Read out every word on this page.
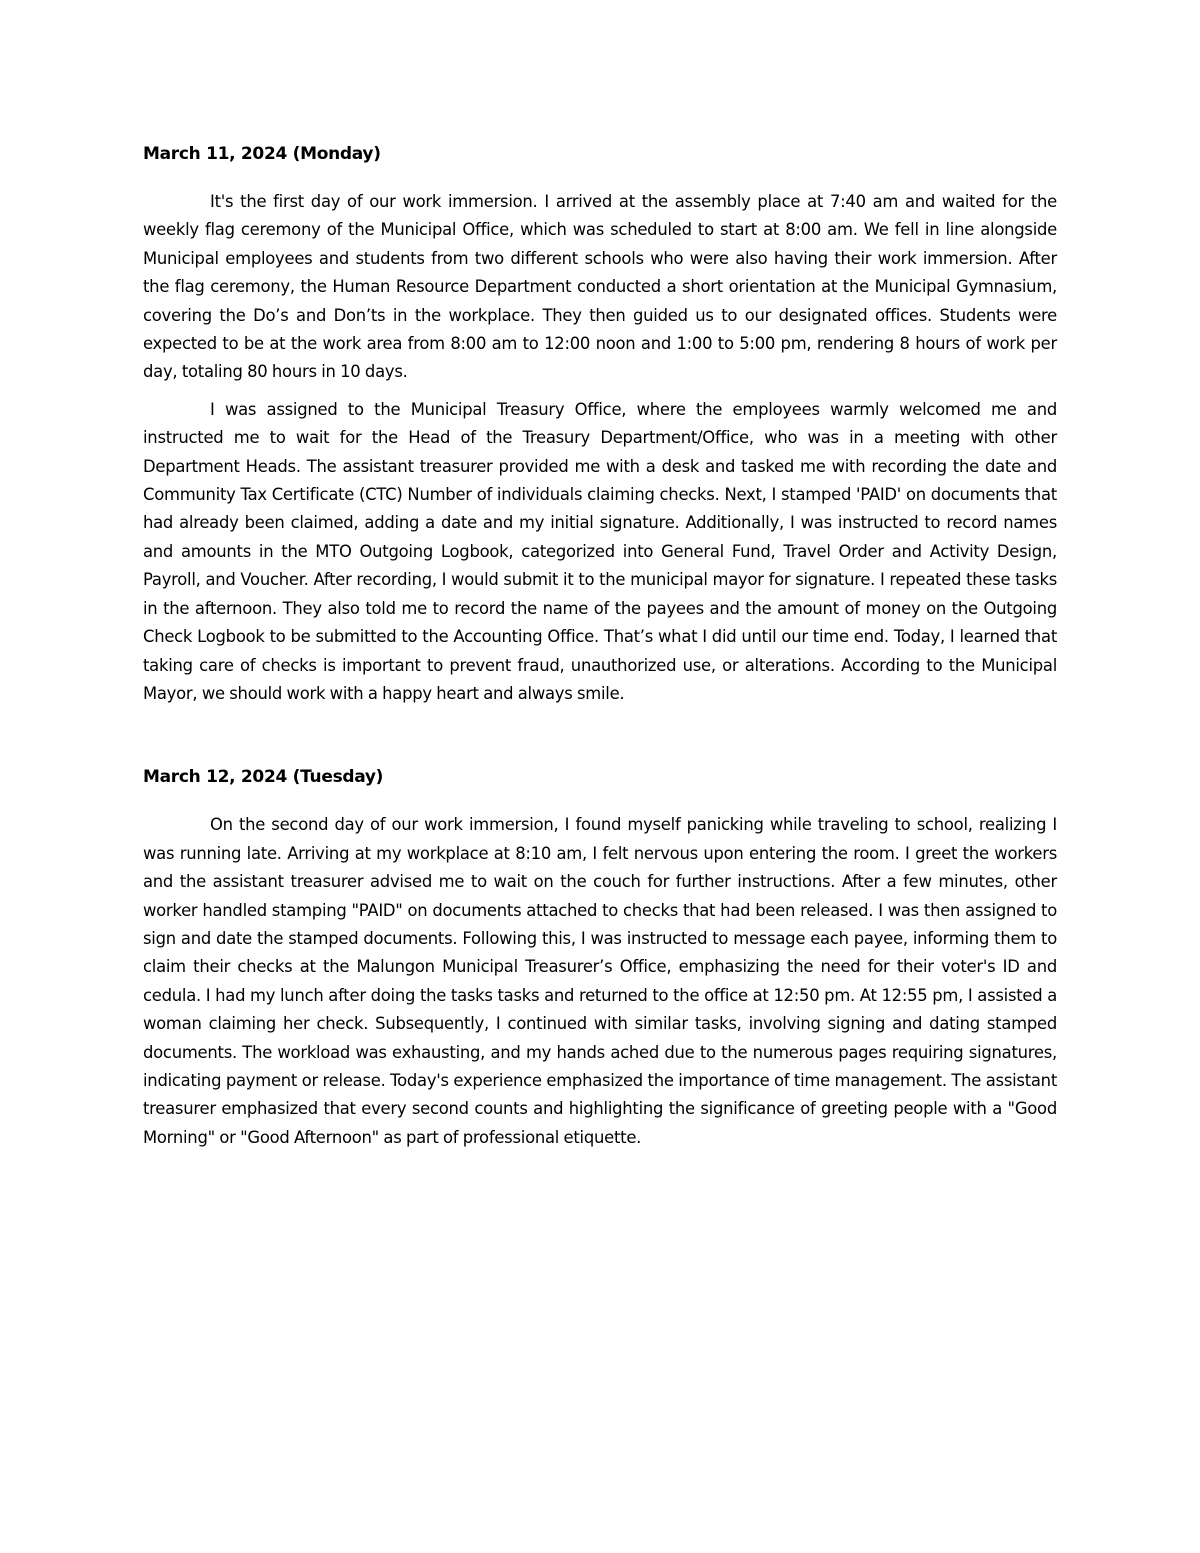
March 11, 2024 (Monday)

It's the first day of our work immersion. I arrived at the assembly place at 7:40 am and waited for the weekly flag ceremony of the Municipal Office, which was scheduled to start at 8:00 am. We fell in line alongside Municipal employees and students from two different schools who were also having their work immersion. After the flag ceremony, the Human Resource Department conducted a short orientation at the Municipal Gymnasium, covering the Do’s and Don’ts in the workplace. They then guided us to our designated offices. Students were expected to be at the work area from 8:00 am to 12:00 noon and 1:00 to 5:00 pm, rendering 8 hours of work per day, totaling 80 hours in 10 days.

I was assigned to the Municipal Treasury Office, where the employees warmly welcomed me and instructed me to wait for the Head of the Treasury Department/Office, who was in a meeting with other Department Heads. The assistant treasurer provided me with a desk and tasked me with recording the date and Community Tax Certificate (CTC) Number of individuals claiming checks. Next, I stamped 'PAID' on documents that had already been claimed, adding a date and my initial signature. Additionally, I was instructed to record names and amounts in the MTO Outgoing Logbook, categorized into General Fund, Travel Order and Activity Design, Payroll, and Voucher. After recording, I would submit it to the municipal mayor for signature. I repeated these tasks in the afternoon. They also told me to record the name of the payees and the amount of money on the Outgoing Check Logbook to be submitted to the Accounting Office. That’s what I did until our time end. Today, I learned that taking care of checks is important to prevent fraud, unauthorized use, or alterations. According to the Municipal Mayor, we should work with a happy heart and always smile.

March 12, 2024 (Tuesday)

On the second day of our work immersion, I found myself panicking while traveling to school, realizing I was running late. Arriving at my workplace at 8:10 am, I felt nervous upon entering the room. I greet the workers and the assistant treasurer advised me to wait on the couch for further instructions. After a few minutes, other worker handled stamping "PAID" on documents attached to checks that had been released. I was then assigned to sign and date the stamped documents. Following this, I was instructed to message each payee, informing them to claim their checks at the Malungon Municipal Treasurer’s Office, emphasizing the need for their voter's ID and cedula. I had my lunch after doing the tasks tasks and returned to the office at 12:50 pm. At 12:55 pm, I assisted a woman claiming her check. Subsequently, I continued with similar tasks, involving signing and dating stamped documents. The workload was exhausting, and my hands ached due to the numerous pages requiring signatures, indicating payment or release. Today's experience emphasized the importance of time management. The assistant treasurer emphasized that every second counts and highlighting the significance of greeting people with a "Good Morning" or "Good Afternoon" as part of professional etiquette.
